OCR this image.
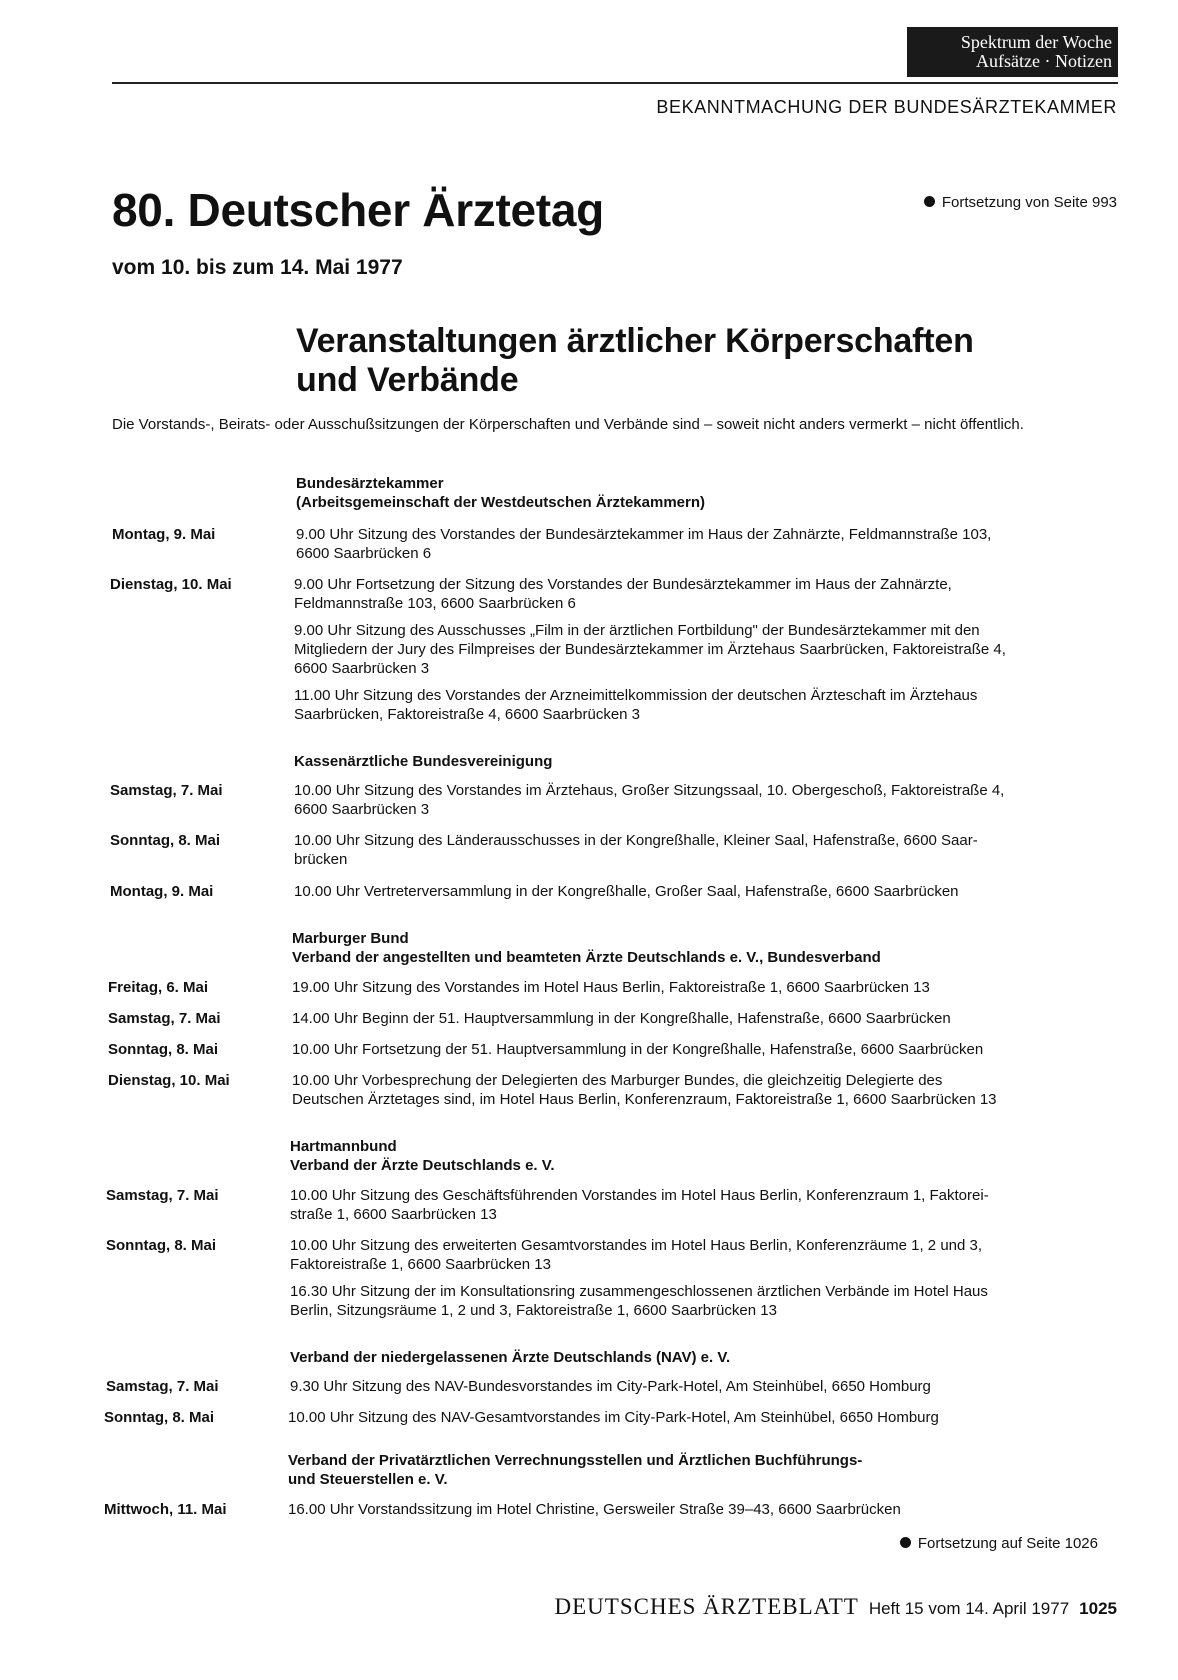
Spektrum der Woche
Aufsätze · Notizen
BEKANNTMACHUNG DER BUNDESÄRZTEKAMMER
80. Deutscher Ärztetag	Fortsetzung von Seite 993
vom 10. bis zum 14. Mai 1977
Veranstaltungen ärztlicher Körperschaften
und Verbände
Die Vorstands-, Beirats- oder Ausschußsitzungen der Körperschaften und Verbände sind – soweit nicht anders vermerkt – nicht öffentlich.
Bundesärztekammer
(Arbeitsgemeinschaft der Westdeutschen Ärztekammern)
Montag, 9. Mai	9.00 Uhr Sitzung des Vorstandes der Bundesärztekammer im Haus der Zahnärzte, Feldmannstraße 103,
6600 Saarbrücken 6
Dienstag, 10. Mai	9.00 Uhr Fortsetzung der Sitzung des Vorstandes der Bundesärztekammer im Haus der Zahnärzte,
Feldmannstraße 103, 6600 Saarbrücken 6
9.00 Uhr Sitzung des Ausschusses „Film in der ärztlichen Fortbildung" der Bundesärztekammer mit den
Mitgliedern der Jury des Filmpreises der Bundesärztekammer im Ärztehaus Saarbrücken, Faktoreistraße 4,
6600 Saarbrücken 3
11.00 Uhr Sitzung des Vorstandes der Arzneimittelkommission der deutschen Ärzteschaft im Ärztehaus
Saarbrücken, Faktoreistraße 4, 6600 Saarbrücken 3
Kassenärztliche Bundesvereinigung
Samstag, 7. Mai	10.00 Uhr Sitzung des Vorstandes im Ärztehaus, Großer Sitzungssaal, 10. Obergeschoß, Faktoreistraße 4,
6600 Saarbrücken 3
Sonntag, 8. Mai	10.00 Uhr Sitzung des Länderausschusses in der Kongreßhalle, Kleiner Saal, Hafenstraße, 6600 Saar-
brücken
Montag, 9. Mai	10.00 Uhr Vertreterversammlung in der Kongreßhalle, Großer Saal, Hafenstraße, 6600 Saarbrücken
Marburger Bund
Verband der angestellten und beamteten Ärzte Deutschlands e. V., Bundesverband
Freitag, 6. Mai	19.00 Uhr Sitzung des Vorstandes im Hotel Haus Berlin, Faktoreistraße 1, 6600 Saarbrücken 13
Samstag, 7. Mai	14.00 Uhr Beginn der 51. Hauptversammlung in der Kongreßhalle, Hafenstraße, 6600 Saarbrücken
Sonntag, 8. Mai	10.00 Uhr Fortsetzung der 51. Hauptversammlung in der Kongreßhalle, Hafenstraße, 6600 Saarbrücken
Dienstag, 10. Mai	10.00 Uhr Vorbesprechung der Delegierten des Marburger Bundes, die gleichzeitig Delegierte des
Deutschen Ärztetages sind, im Hotel Haus Berlin, Konferenzraum, Faktoreistraße 1, 6600 Saarbrücken 13
Hartmannbund
Verband der Ärzte Deutschlands e. V.
Samstag, 7. Mai	10.00 Uhr Sitzung des Geschäftsführenden Vorstandes im Hotel Haus Berlin, Konferenzraum 1, Faktorei-
straße 1, 6600 Saarbrücken 13
Sonntag, 8. Mai	10.00 Uhr Sitzung des erweiterten Gesamtvorstandes im Hotel Haus Berlin, Konferenzräume 1, 2 und 3,
Faktoreistraße 1, 6600 Saarbrücken 13
16.30 Uhr Sitzung der im Konsultationsring zusammengeschlossenen ärztlichen Verbände im Hotel Haus
Berlin, Sitzungsräume 1, 2 und 3, Faktoreistraße 1, 6600 Saarbrücken 13
Verband der niedergelassenen Ärzte Deutschlands (NAV) e. V.
Samstag, 7. Mai	9.30 Uhr Sitzung des NAV-Bundesvorstandes im City-Park-Hotel, Am Steinhübel, 6650 Homburg
Sonntag, 8. Mai	10.00 Uhr Sitzung des NAV-Gesamtvorstandes im City-Park-Hotel, Am Steinhübel, 6650 Homburg
Verband der Privatärztlichen Verrechnungsstellen und Ärztlichen Buchführungs-
und Steuerstellen e. V.
Mittwoch, 11. Mai	16.00 Uhr Vorstandssitzung im Hotel Christine, Gersweiler Straße 39–43, 6600 Saarbrücken
Fortsetzung auf Seite 1026
DEUTSCHES ÄRZTEBLATT Heft 15 vom 14. April 1977 1025
